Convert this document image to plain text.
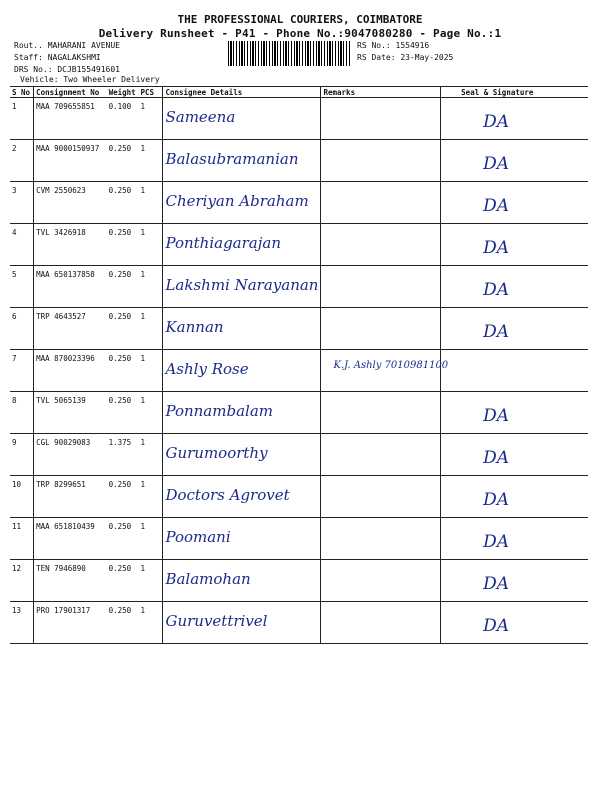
THE PROFESSIONAL COURIERS, COIMBATORE
Delivery Runsheet - P41 - Phone No.:9047080280 - Page No.:1
Rout.. MAHARANI AVENUE
Staff: NAGALAKSHMI
DRS No.: DCJB155491601
Vehicle: Two Wheeler Delivery
RS No.: 1554916
RS Date: 23-May-2025
S No	Consignment No	Weight	PCS	Consignee Details	Remarks	Seal & Signature
1	MAA 709655851	0.100	1	Sameena		DA
2	MAA 9000150937	0.250	1	Balasubramanian		DA
3	CVM 2550623	0.250	1	Cheriyan Abraham		DA
4	TVL 3426918	0.250	1	Ponthiagarajan		DA
5	MAA 650137858	0.250	1	Lakshmi Narayanan		DA
6	TRP 4643527	0.250	1	Kannan		DA
7	MAA 870023396	0.250	1	Ashly Rose	K.J. Ashly 7010981100	
8	TVL 5065139	0.250	1	Ponnambalam		DA
9	CGL 90029083	1.375	1	Gurumoorthy		DA
10	TRP 8299651	0.250	1	Doctors Agrovet		DA
11	MAA 651810439	0.250	1	Poomani		DA
12	TEN 7946890	0.250	1	Balamohan		DA
13	PRO 17901317	0.250	1	Guruvettrivel		DA
